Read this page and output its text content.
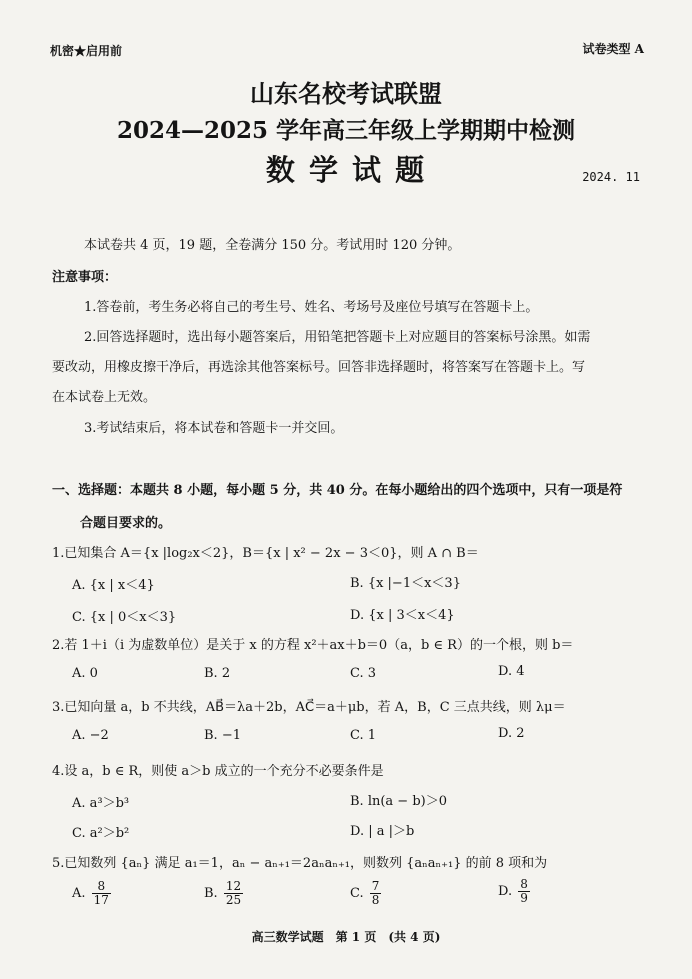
机密★启用前	试卷类型 A
山东名校考试联盟
2024—2025 学年高三年级上学期期中检测
数 学 试 题	2024. 11
本试卷共 4 页，19 题，全卷满分 150 分。考试用时 120 分钟。
注意事项：
1.答卷前，考生务必将自己的考生号、姓名、考场号及座位号填写在答题卡上。
2.回答选择题时，选出每小题答案后，用铅笔把答题卡上对应题目的答案标号涂黑。如需
要改动，用橡皮擦干净后，再选涂其他答案标号。回答非选择题时，将答案写在答题卡上。写
在本试卷上无效。
3.考试结束后，将本试卷和答题卡一并交回。
一、选择题：本题共 8 小题，每小题 5 分，共 40 分。在每小题给出的四个选项中，只有一项是符
合题目要求的。
1.已知集合 A＝{x |log₂x＜2}，B＝{x | x² − 2x − 3＜0}，则 A ∩ B＝
A. {x | x＜4}	B. {x |−1＜x＜3}
C. {x | 0＜x＜3}	D. {x | 3＜x＜4}
2.若 1＋i（i 为虚数单位）是关于 x 的方程 x²＋ax＋b＝0（a，b ∈ R）的一个根，则 b＝
A. 0	B. 2	C. 3	D. 4
3.已知向量 a，b 不共线，AB⃗＝λa＋2b，AC⃗＝a＋μb，若 A，B，C 三点共线，则 λμ＝
A. −2	B. −1	C. 1	D. 2
4.设 a，b ∈ R，则使 a＞b 成立的一个充分不必要条件是
A. a³＞b³	B. ln(a − b)＞0
C. a²＞b²	D. | a |＞b
5.已知数列 {aₙ} 满足 a₁＝1，aₙ − aₙ₊₁＝2aₙaₙ₊₁，则数列 {aₙaₙ₊₁} 的前 8 项和为
A. $\frac{8}{17}$	B. $\frac{12}{25}$	C. $\frac{7}{8}$	D. $\frac{8}{9}$
高三数学试题　第 1 页　(共 4 页)
